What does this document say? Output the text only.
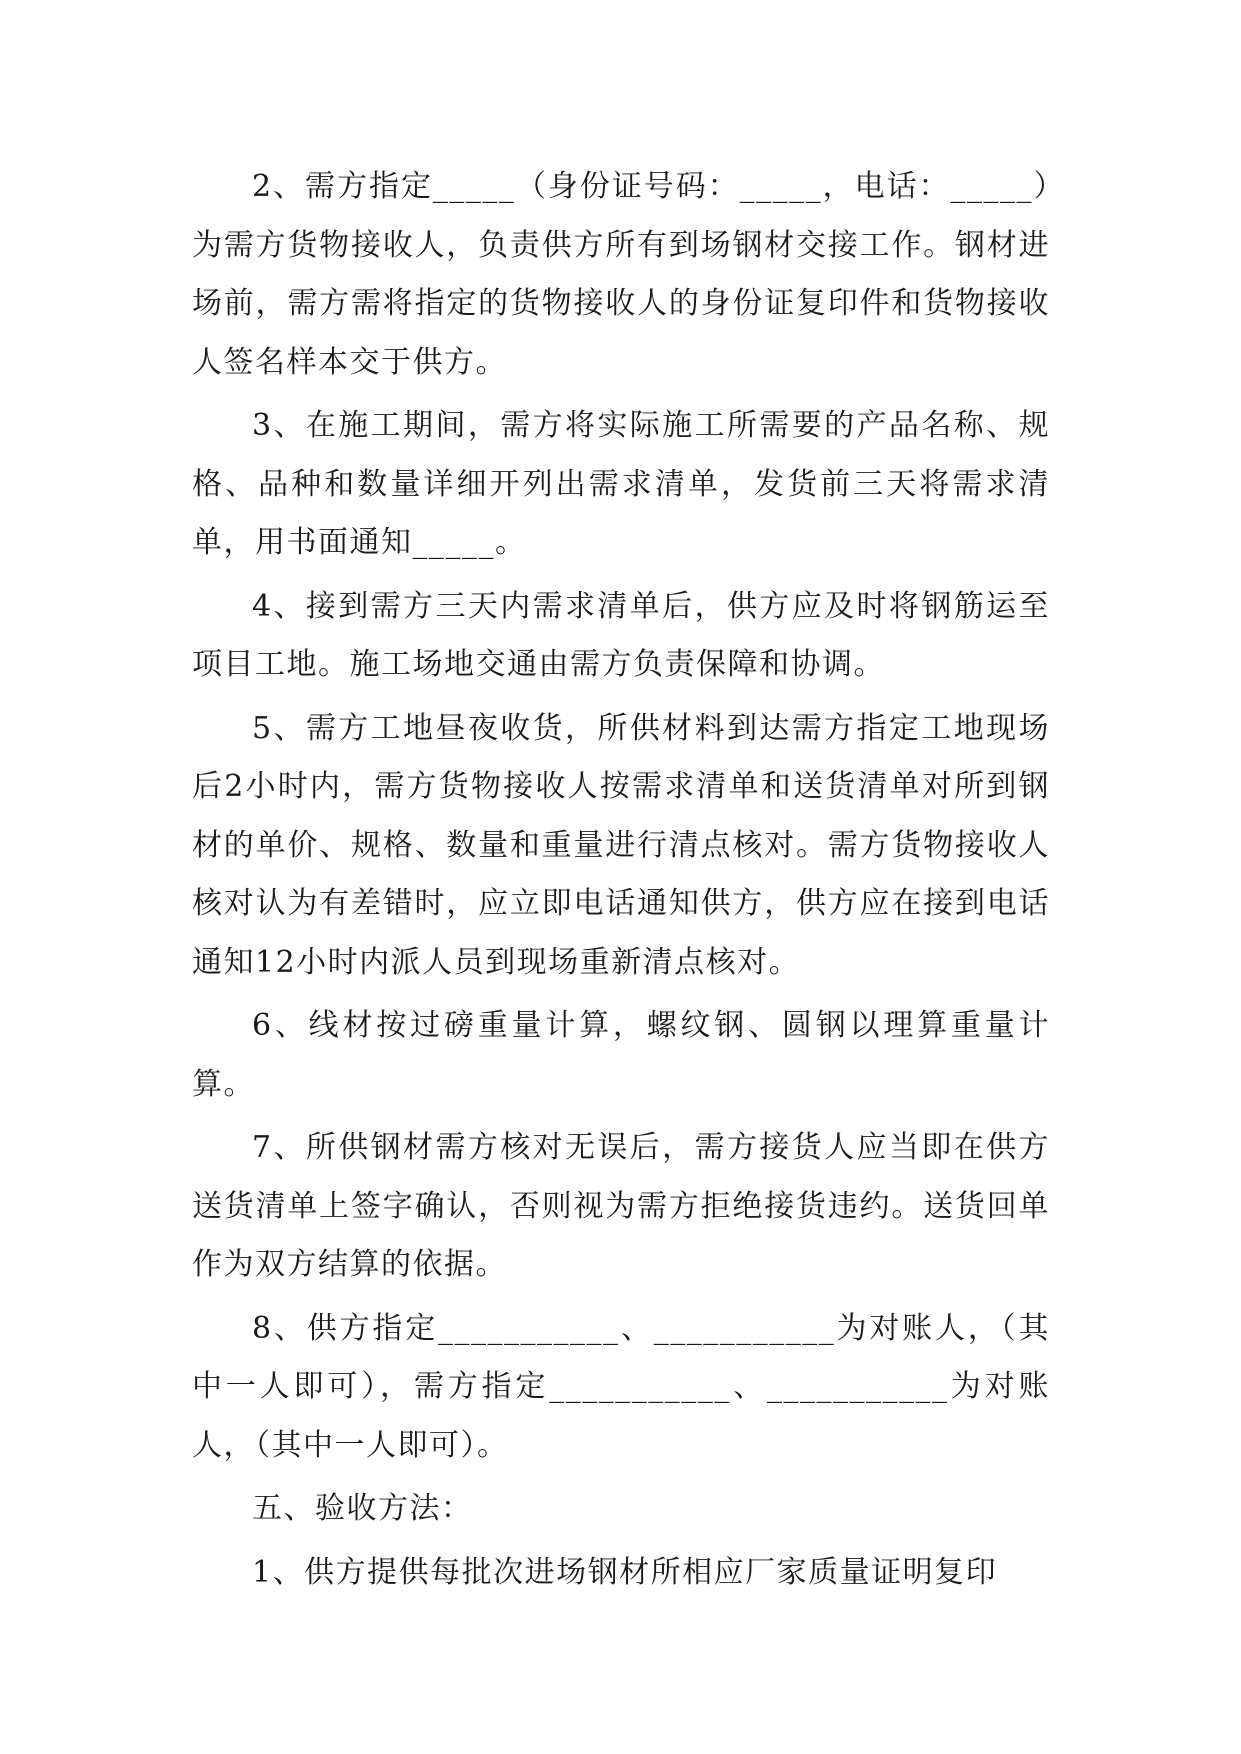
2、需方指定_____（身份证号码：_____，电话：_____）为需方货物接收人，负责供方所有到场钢材交接工作。钢材进场前，需方需将指定的货物接收人的身份证复印件和货物接收人签名样本交于供方。

3、在施工期间，需方将实际施工所需要的产品名称、规格、品种和数量详细开列出需求清单，发货前三天将需求清单，用书面通知_____。

4、接到需方三天内需求清单后，供方应及时将钢筋运至项目工地。施工场地交通由需方负责保障和协调。

5、需方工地昼夜收货，所供材料到达需方指定工地现场后2小时内，需方货物接收人按需求清单和送货清单对所到钢材的单价、规格、数量和重量进行清点核对。需方货物接收人核对认为有差错时，应立即电话通知供方，供方应在接到电话通知12小时内派人员到现场重新清点核对。

6、线材按过磅重量计算，螺纹钢、圆钢以理算重量计算。

7、所供钢材需方核对无误后，需方接货人应当即在供方送货清单上签字确认，否则视为需方拒绝接货违约。送货回单作为双方结算的依据。

8、供方指定___________、___________为对账人，（其中一人即可），需方指定___________、___________为对账人，（其中一人即可）。

五、验收方法：

1、供方提供每批次进场钢材所相应厂家质量证明复印
